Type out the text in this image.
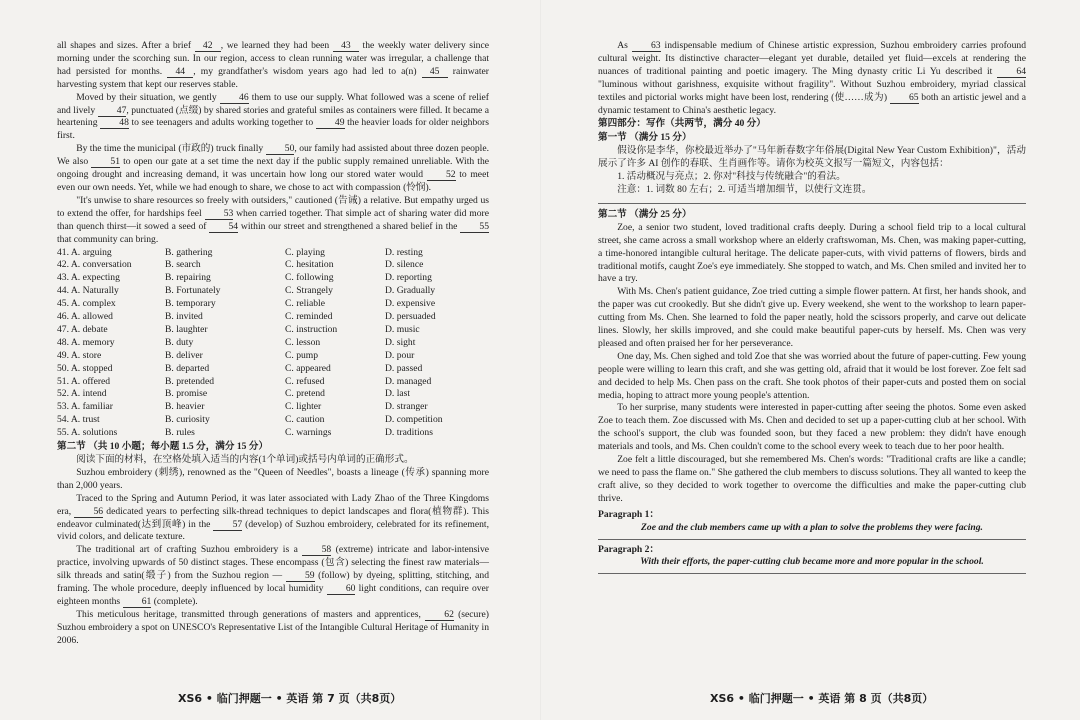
all shapes and sizes. After a brief 42 , we learned they had been 43 the weekly water delivery since morning under the scorching sun. In our region, access to clean running water was irregular, a challenge that had persisted for months. 44 , my grandfather's wisdom years ago had led to a(n) 45 rainwater harvesting system that kept our reserves stable.

Moved by their situation, we gently 46 them to use our supply. What followed was a scene of relief and lively 47, punctuated (点缀) by shared stories and grateful smiles as containers were filled. It became a heartening 48 to see teenagers and adults working together to 49 the heavier loads for older neighbors first.

By the time the municipal (市政的) truck finally 50, our family had assisted about three dozen people. We also 51 to open our gate at a set time the next day if the public supply remained unreliable. With the ongoing drought and increasing demand, it was uncertain how long our stored water would 52 to meet even our own needs. Yet, while we had enough to share, we chose to act with compassion (怜悯).

"It's unwise to share resources so freely with outsiders," cautioned (告诫) a relative. But empathy urged us to extend the offer, for hardships feel 53 when carried together. That simple act of sharing water did more than quench thirst—it sowed a seed of 54 within our street and strengthened a shared belief in the 55 that community can bring.

41. A. arguing	B. gathering	C. playing	D. resting
42. A. conversation	B. search	C. hesitation	D. silence
43. A. expecting	B. repairing	C. following	D. reporting
44. A. Naturally	B. Fortunately	C. Strangely	D. Gradually
45. A. complex	B. temporary	C. reliable	D. expensive
46. A. allowed	B. invited	C. reminded	D. persuaded
47. A. debate	B. laughter	C. instruction	D. music
48. A. memory	B. duty	C. lesson	D. sight
49. A. store	B. deliver	C. pump	D. pour
50. A. stopped	B. departed	C. appeared	D. passed
51. A. offered	B. pretended	C. refused	D. managed
52. A. intend	B. promise	C. pretend	D. last
53. A. familiar	B. heavier	C. lighter	D. stranger
54. A. trust	B. curiosity	C. caution	D. competition
55. A. solutions	B. rules	C. warnings	D. traditions
第二节 （共 10 小题；每小题 1.5 分，满分 15 分）

阅读下面的材料，在空格处填入适当的内容(1个单词)或括号内单词的正确形式。

Suzhou embroidery (刺绣), renowned as the "Queen of Needles", boasts a lineage (传承) spanning more than 2,000 years.

Traced to the Spring and Autumn Period, it was later associated with Lady Zhao of the Three Kingdoms era, 56 dedicated years to perfecting silk-thread techniques to depict landscapes and flora(植物群). This endeavor culminated(达到顶峰) in the 57 (develop) of Suzhou embroidery, celebrated for its refinement, vivid colors, and delicate texture.

The traditional art of crafting Suzhou embroidery is a 58 (extreme) intricate and labor-intensive practice, involving upwards of 50 distinct stages. These encompass (包含) selecting the finest raw materials—silk threads and satin(缎子) from the Suzhou region — 59 (follow) by dyeing, splitting, stitching, and framing. The whole procedure, deeply influenced by local humidity 60 light conditions, can require over eighteen months 61 (complete).

This meticulous heritage, transmitted through generations of masters and apprentices, 62 (secure) Suzhou embroidery a spot on UNESCO's Representative List of the Intangible Cultural Heritage of Humanity in 2006.

XS6 • 临门押题一 • 英语 第 7 页（共8页）

As 63 indispensable medium of Chinese artistic expression, Suzhou embroidery carries profound cultural weight. Its distinctive character—elegant yet durable, detailed yet fluid—excels at rendering the nuances of traditional painting and poetic imagery. The Ming dynasty critic Li Yu described it 64 "luminous without garishness, exquisite without fragility". Without Suzhou embroidery, myriad classical textiles and pictorial works might have been lost, rendering (使……成为) 65 both an artistic jewel and a dynamic testament to China's aesthetic legacy.

第四部分：写作（共两节，满分 40 分）
第一节 （满分 15 分）

假设你是李华，你校最近举办了"马年新春数字年俗展(Digital New Year Custom Exhibition)"，活动展示了许多 AI 创作的春联、生肖画作等。请你为校英文报写一篇短文，内容包括：

1. 活动概况与亮点；2. 你对"科技与传统融合"的看法。

注意：1. 词数 80 左右；2. 可适当增加细节，以使行文连贯。

第二节 （满分 25 分）

Zoe, a senior two student, loved traditional crafts deeply. During a school field trip to a local cultural street, she came across a small workshop where an elderly craftswoman, Ms. Chen, was making paper-cutting, a time-honored intangible cultural heritage. The delicate paper-cuts, with vivid patterns of flowers, birds and traditional motifs, caught Zoe's eye immediately. She stopped to watch, and Ms. Chen smiled and invited her to have a try.

With Ms. Chen's patient guidance, Zoe tried cutting a simple flower pattern. At first, her hands shook, and the paper was cut crookedly. But she didn't give up. Every weekend, she went to the workshop to learn paper-cutting from Ms. Chen. She learned to fold the paper neatly, hold the scissors properly, and carve out delicate lines. Slowly, her skills improved, and she could make beautiful paper-cuts by herself. Ms. Chen was very pleased and often praised her for her perseverance.

One day, Ms. Chen sighed and told Zoe that she was worried about the future of paper-cutting. Few young people were willing to learn this craft, and she was getting old, afraid that it would be lost forever. Zoe felt sad and decided to help Ms. Chen pass on the craft. She took photos of their paper-cuts and posted them on social media, hoping to attract more young people's attention.

To her surprise, many students were interested in paper-cutting after seeing the photos. Some even asked Zoe to teach them. Zoe discussed with Ms. Chen and decided to set up a paper-cutting club at her school. With the school's support, the club was founded soon, but they faced a new problem: they didn't have enough materials and tools, and Ms. Chen couldn't come to the school every week to teach due to her poor health.

Zoe felt a little discouraged, but she remembered Ms. Chen's words: "Traditional crafts are like a candle; we need to pass the flame on." She gathered the club members to discuss solutions. They all wanted to keep the craft alive, so they decided to work together to overcome the difficulties and make the paper-cutting club thrive.

Paragraph 1：
Zoe and the club members came up with a plan to solve the problems they were facing.
Paragraph 2：
With their efforts, the paper-cutting club became more and more popular in the school.
XS6 • 临门押题一 • 英语 第 8 页（共8页）
